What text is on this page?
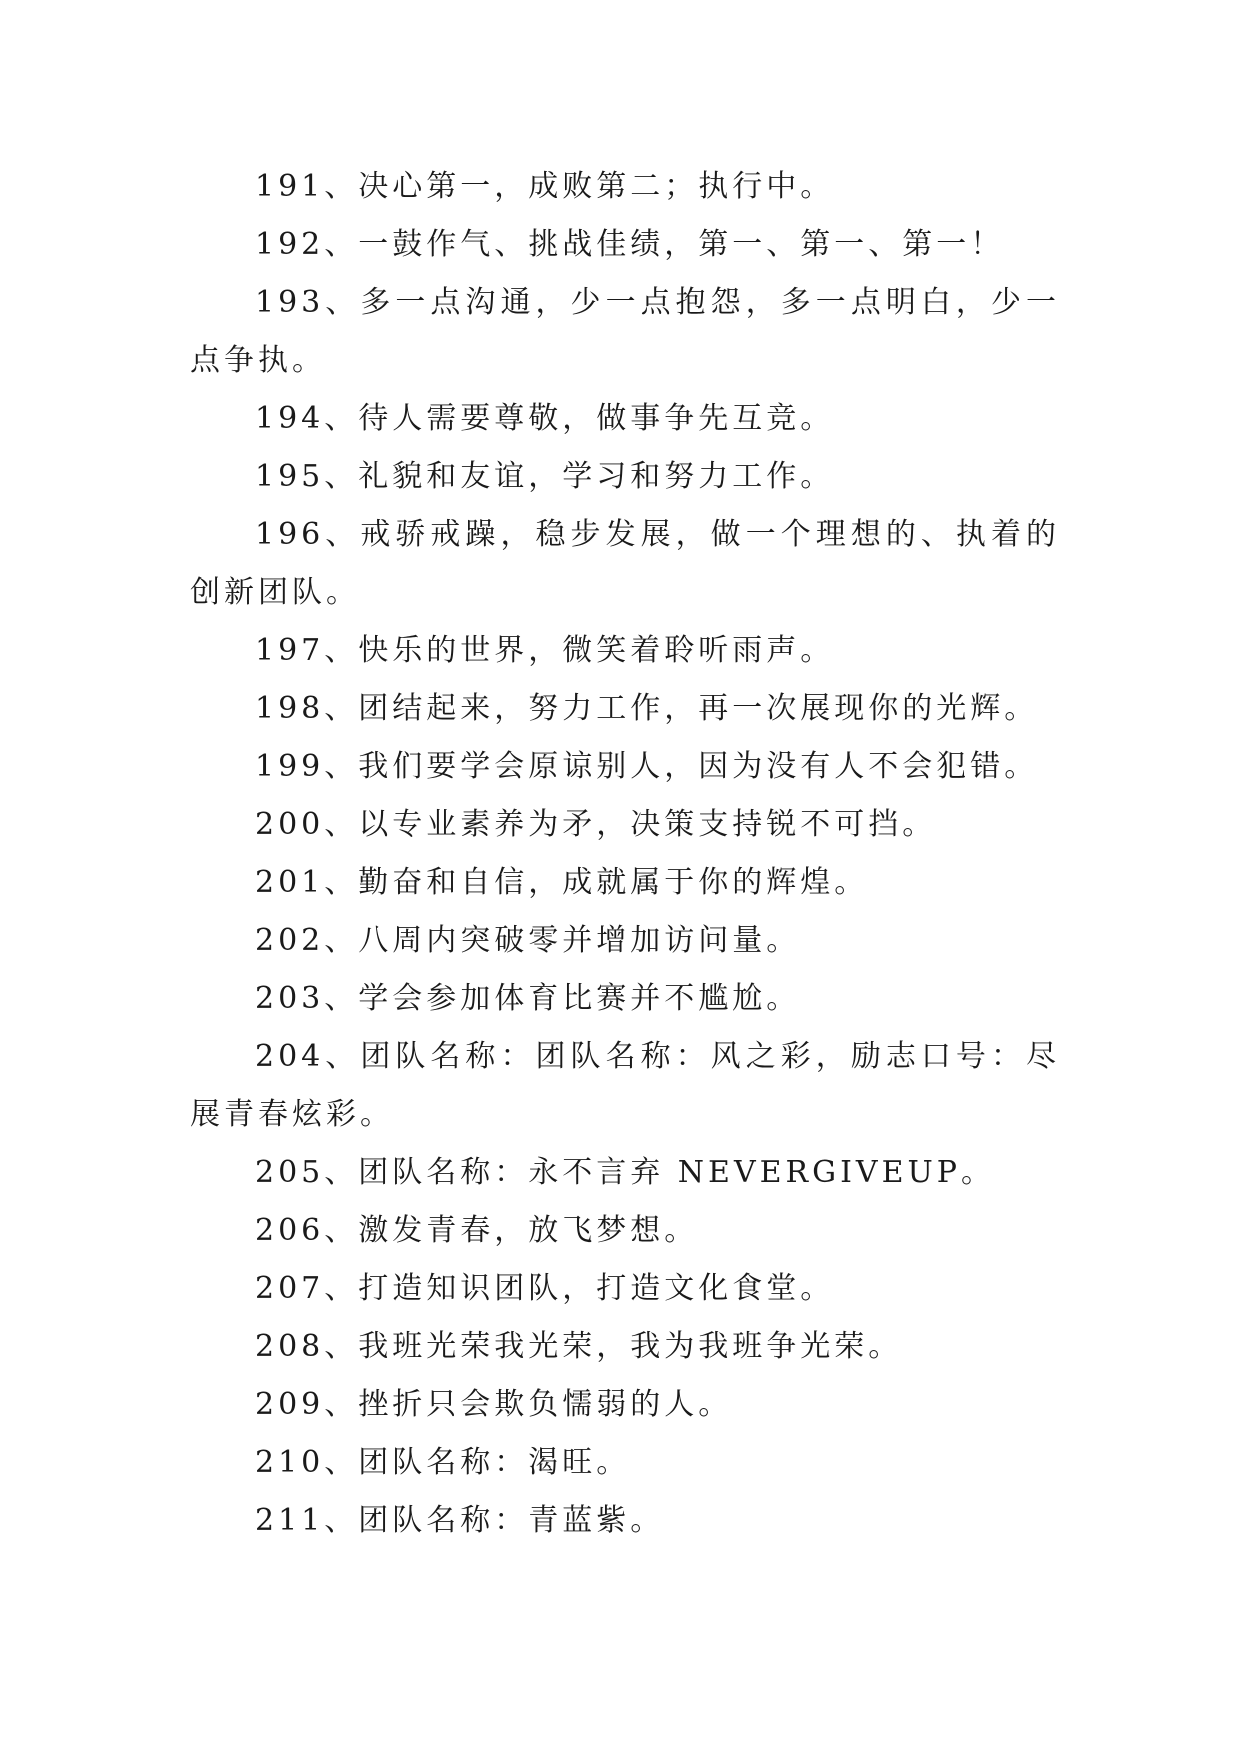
191、决心第一，成败第二；执行中。

192、一鼓作气、挑战佳绩，第一、第一、第一！

193、多一点沟通，少一点抱怨，多一点明白，少一点争执。

194、待人需要尊敬，做事争先互竞。

195、礼貌和友谊，学习和努力工作。

196、戒骄戒躁，稳步发展，做一个理想的、执着的创新团队。

197、快乐的世界，微笑着聆听雨声。

198、团结起来，努力工作，再一次展现你的光辉。

199、我们要学会原谅别人，因为没有人不会犯错。

200、以专业素养为矛，决策支持锐不可挡。

201、勤奋和自信，成就属于你的辉煌。

202、八周内突破零并增加访问量。

203、学会参加体育比赛并不尴尬。

204、团队名称：团队名称：风之彩，励志口号：尽展青春炫彩。

205、团队名称：永不言弃 NEVERGIVEUP。

206、激发青春，放飞梦想。

207、打造知识团队，打造文化食堂。

208、我班光荣我光荣，我为我班争光荣。

209、挫折只会欺负懦弱的人。

210、团队名称：渴旺。

211、团队名称：青蓝紫。
